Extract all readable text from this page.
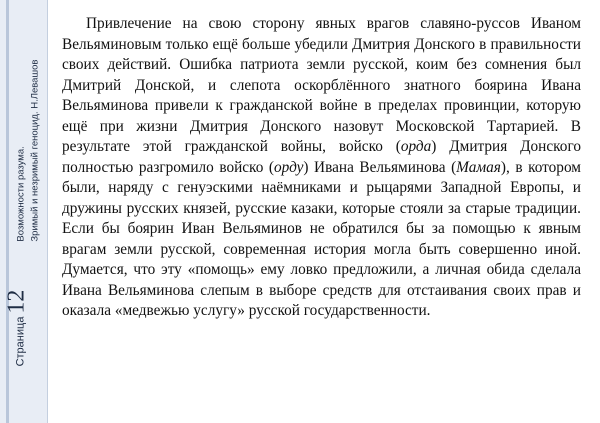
Страница
12
Возможности разума. Зримый и незримый геноцид. Н.Левашов

Привлечение на свою сторону явных врагов славяно-руссов Иваном Вельяминовым только ещё больше убедили Дмитрия Донского в правильности своих действий. Ошибка патриота земли русской, коим без сомнения был Дмитрий Донской, и слепота оскорблённого знатного боярина Ивана Вельяминова привели к гражданской войне в пределах провинции, которую ещё при жизни Дмитрия Донского назовут Московской Тартарией. В результате этой гражданской войны, войско (орда) Дмитрия Донского полностью разгромило войско (орду) Ивана Вельяминова (Мамая), в котором были, наряду с генуэскими наёмниками и рыцарями Западной Европы, и дружины русских князей, русские казаки, которые стояли за старые традиции. Если бы боярин Иван Вельяминов не обратился бы за помощью к явным врагам земли русской, современная история могла быть совершенно иной. Думается, что эту «помощь» ему ловко предложили, а личная обида сделала Ивана Вельяминова слепым в выборе средств для отстаивания своих прав и оказала «медвежью услугу» русской государственности.
